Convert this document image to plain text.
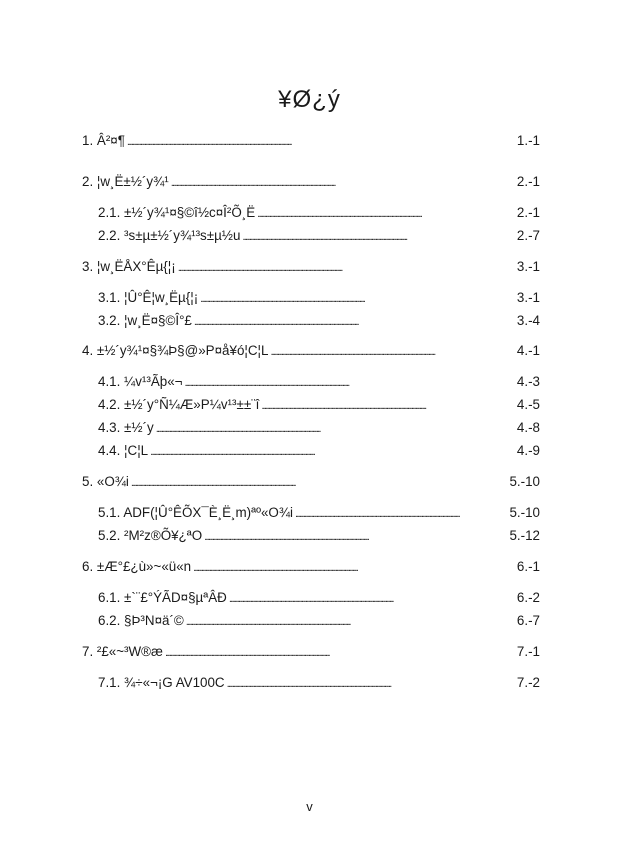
¥Ø¿ý
1. Â²¤¶ . . .	1.-1
2. ¦w¸Ë±½´y¾¹ . . .	2.-1
2.1. ±½´y¾¹¤§©î½c¤Î²Õ¸Ë . . .	2.-1
2.2. ³s±µ±½´y¾¹³s±µ½u . . .	2.-7
3. ¦w¸ËÅX°Êµ{¦¡ . . .	3.-1
3.1. ¦Û°Ê¦w¸Ëµ{¦¡ . . .	3.-1
3.2. ¦w¸Ë¤§©Î°£ . . .	3.-4
4. ±½´y¾¹¤§¾Þ§@»P¤å¥ó¦C¦L . . .	4.-1
4.1. ¼v¹³Ãþ«¬ . . .	4.-3
4.2. ±½´y°Ñ¼Æ»P¼v¹³±±¨î . . .	4.-5
4.3. ±½´y . . .	4.-8
4.4. ¦C¦L . . .	4.-9
5. «O¾i . . .	5.-10
5.1. ADF(¦Û°ÊÕX¯È¸Ë¸m)ªº«O¾i . . .	5.-10
5.2. ²M²z®Õ¥¿ªO . . .	5.-12
6. ±Æ°£¿ù»~«ü«n . . .	6.-1
6.1. ±`¨£°ÝÃD¤§µªÂÐ . . .	6.-2
6.2. §Þ³N¤ä´© . . .	6.-7
7. ²£«~³W®æ . . .	7.-1
7.1. ¾÷«¬¡G AV100C . . .	7.-2
v
